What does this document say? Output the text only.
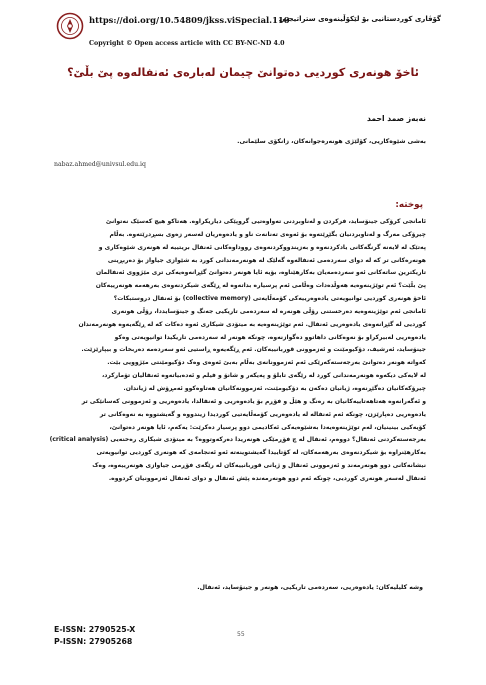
https://doi.org/10.54809/jkss.viSpecial.110
گۆڤاری کوردستانیی بۆ لێکۆڵینەوەی ستراتیجیی
Copyright © Open access article with CC BY-NC-ND 4.0
ئاخۆ هونەری کوردیی دەتوانێ چیمان لەبارەی ئەنفالەوە پێ بڵێ؟
نەبەز صمد احمد
بەشی شێوەکاریی، کۆلێژی هونەرەجوانەکان، زانکۆی سلێمانی.
nabaz.ahmed@univsul.edu.iq
پوختە:
ئامانجی کرۆکی جینۆساید، فرکردن و لەناوبردنی تەواوەتیی گروپێکی دیاریکراوە. هەتاکو هیچ کەسێک نەتوانێ
چیرۆکی مەرگ و لەناوبردنیان بگێڕێتەوە بۆ ئەوەی تەنانەت ناو و یادەوەریان لەسەر زەوی بسڕدرێتەوە. بەڵام
پەتێک لە لایەنە گرنگەکانی یادکردنەوە و بەزیندووکردنەوەی رووداوەکانی ئەنفال بریتییە لە هونەری شێوەکاری و
هونەرەکانی تر کە لە دوای سەردەمی ئەنفالەوە گەلێک لە هونەرمەندانی کورد بە شێوازی جیاواز بۆ دەربڕینی
تاریکترین ساتەکانی ئەو سەردەمەیان بەکارهێناوە، بۆیە ئایا هونەر دەتوانێ گێڕانەوەیەکی تری مێژووی ئەنفالمان
پێ بڵێت؟ ئەم توێژینەوەیە هەوڵدەدات وەڵامی ئەم پرسیارە بداتەوە لە ڕێگەی شیکردنەوەی بەرهەمە هونەرییەکان
ئاخۆ هونەری کوردیی توانیویەتی یادەوەرییەکی کۆمەڵایەتی (collective memory) بۆ ئەنفال دروستبکات؟
ئامانجی ئەم توێژینەوەیە دەرخستنی رۆڵی هونەرە لە سەردەمی تاریکیی جەنگ و جینۆسایددا، رۆڵی هونەری
کوردیی لە گێڕانەوەی یادەوەریی ئەنفال. ئەم توێژینەوەیە بە میتۆدی شیکاری ئەوە دەکات کە لە ڕێگەیەوە هونەرمەندان
یادەوەریی لەبیرکراو بۆ نەوەکانی داهاتوو دەگوازنەوە، چونکە هونەر لە سەردەمی تاریکیدا توانیویەتی وەکو
جینۆساید، ئەرشیف، دۆکیومێنت و ئەزموونی قوربانییەکان. ئەم ڕێگەیەوە ڕاستیی ئەو سەردەمە دەربخات و بیپارێزێت.
کەواتە هونەر دەتوانێ بەرجەستەکەرێکی ئەم ئەزموونانەی بەڵام بەبێ ئەوەی وەک دۆکیومێنتی مێژوویی بێت.
لە لایەکی دیکەوە هونەرمەندانی کورد لە رێگەی تابلۆ و پەیکەر و شانۆ و فیلم و ئەدەبیاتەوە ئەنفالیان تۆمارکرد،
چیرۆکەکانیان دەگێڕنەوە، ژیانیان دەکەن بە دۆکیومێنت، ئەزموونەکانیان هەتاوەکوو ئەمڕۆش لە ژیاندان.
و ئەگەرانەوە هەتاھەتاییەکانیان بە رەنگ و هێڵ و فۆڕم بۆ یادەوەریی و ئەنفالدا، یادەوەریی و ئەزموونی کەسانێکی تر
یادەوەریی دەپارێزن، چونکە ئەم ئەنفالە لە یادەوەریی کۆمەڵایەتیی کوردیدا زیندووە و گەیشتووە بە نەوەکانی تر
کۆیەکیی بینینیان، لەم توێژینەوەیەدا بەشێوەیەکی ئەکادیمی دوو پرسیار دەکرێت: یەکەم، ئایا هونەر دەتوانێ،
بەرجەستەکردنی ئەنفال؟ دووەم، ئەنفال لە چ فۆڕمێکی هونەریدا دەرکەوتووە؟ بە میتۆدی شیکاری رەخنەیی (critical analysis)
بەکارهێنراوە بۆ شیکردنەوەی بەرهەمەکان، لە کۆتاییدا گەیشتوینەتە ئەو ئەنجامەی کە هونەری کوردیی توانیویەتی
نیشانەکانی دوو هونەرمەند و ئەزموونی ئەنفال و ژیانی قوربانییەکان لە رێگەی فۆڕمی جیاوازی هونەرییەوە، وەک
ئەنفال لەسەر هونەری کوردیی، چونکە ئەم دوو هونەرمەندە پێش ئەنفال و دوای ئەنفال ئەزموونیان کردووە.
وشە کلیلیەکان: یادەوەریی، سەردەمی تاریکیی، هونەر و جینۆساید، ئەنفال.
E-ISSN: 2790525-X
P-ISSN: 27905268
55
